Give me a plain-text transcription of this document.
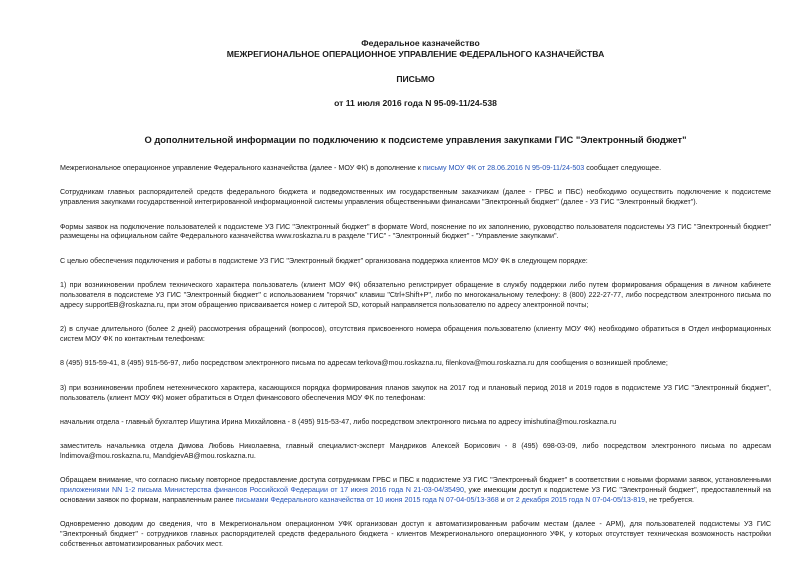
Федеральное казначейство
МЕЖРЕГИОНАЛЬНОЕ ОПЕРАЦИОННОЕ УПРАВЛЕНИЕ ФЕДЕРАЛЬНОГО КАЗНАЧЕЙСТВА
ПИСЬМО
от 11 июля 2016 года N 95-09-11/24-538

О дополнительной информации по подключению к подсистеме управления закупками ГИС "Электронный бюджет"

Межрегиональное операционное управление Федерального казначейства (далее - МОУ ФК) в дополнение к письму МОУ ФК от 28.06.2016 N 95-09-11/24-503 сообщает следующее.

Сотрудникам главных распорядителей средств федерального бюджета и подведомственных им государственным заказчикам (далее - ГРБС и ПБС) необходимо осуществить подключение к подсистеме управления закупками государственной интегрированной информационной системы управления общественными финансами "Электронный бюджет" (далее - УЗ ГИС "Электронный бюджет").

Формы заявок на подключение пользователей к подсистеме УЗ ГИС "Электронный бюджет" в формате Word, пояснение по их заполнению, руководство пользователя подсистемы УЗ ГИС "Электронный бюджет" размещены на официальном сайте Федерального казначейства www.roskazna.ru в разделе "ГИС" - "Электронный бюджет" - "Управление закупками".

С целью обеспечения подключения и работы в подсистеме УЗ ГИС "Электронный бюджет" организована поддержка клиентов МОУ ФК в следующем порядке:

1) при возникновении проблем технического характера пользователь (клиент МОУ ФК) обязательно регистрирует обращение в службу поддержки либо путем формирования обращения в личном кабинете пользователя в подсистеме УЗ ГИС "Электронный бюджет" с использованием "горячих" клавиш "Ctrl+Shift+P", либо по многоканальному телефону: 8 (800) 222-27-77, либо посредством электронного письма по адресу supportEB@roskazna.ru, при этом обращению присваивается номер с литерой SD, который направляется пользователю по адресу электронной почты;

2) в случае длительного (более 2 дней) рассмотрения обращений (вопросов), отсутствия присвоенного номера обращения пользователю (клиенту МОУ ФК) необходимо обратиться в Отдел информационных систем МОУ ФК по контактным телефонам:

8 (495) 915-59-41, 8 (495) 915-56-97, либо посредством электронного письма по адресам terkova@mou.roskazna.ru, filenkova@mou.roskazna.ru для сообщения о возникшей проблеме;

3) при возникновении проблем нетехнического характера, касающихся порядка формирования планов закупок на 2017 год и плановый период 2018 и 2019 годов в подсистеме УЗ ГИС "Электронный бюджет", пользователь (клиент МОУ ФК) может обратиться в Отдел финансового обеспечения МОУ ФК по телефонам:

начальник отдела - главный бухгалтер Ишутина Ирина Михайловна - 8 (495) 915-53-47, либо посредством электронного письма по адресу imishutina@mou.roskazna.ru

заместитель начальника отдела Димова Любовь Николаевна, главный специалист-эксперт Мандриков Алексей Борисович - 8 (495) 698-03-09, либо посредством электронного письма по адресам lndimova@mou.roskazna.ru, MandgievAB@mou.roskazna.ru.

Обращаем внимание, что согласно письму повторное предоставление доступа сотрудникам ГРБС и ПБС к подсистеме УЗ ГИС "Электронный бюджет" в соответствии с новыми формами заявок, установленными приложениями NN 1-2 письма Министерства финансов Российской Федерации от 17 июня 2016 года N 21-03-04/35490, уже имеющим доступ к подсистеме УЗ ГИС "Электронный бюджет", предоставленный на основании заявок по формам, направленным ранее письмами Федерального казначейства от 10 июня 2015 года N 07-04-05/13-368 и от 2 декабря 2015 года N 07-04-05/13-819, не требуется.

Одновременно доводим до сведения, что в Межрегиональном операционном УФК организован доступ к автоматизированным рабочим местам (далее - АРМ), для пользователей подсистемы УЗ ГИС "Электронный бюджет" - сотрудников главных распорядителей средств федерального бюджета - клиентов Межрегионального операционного УФК, у которых отсутствует техническая возможность настройки собственных автоматизированных рабочих мест.
